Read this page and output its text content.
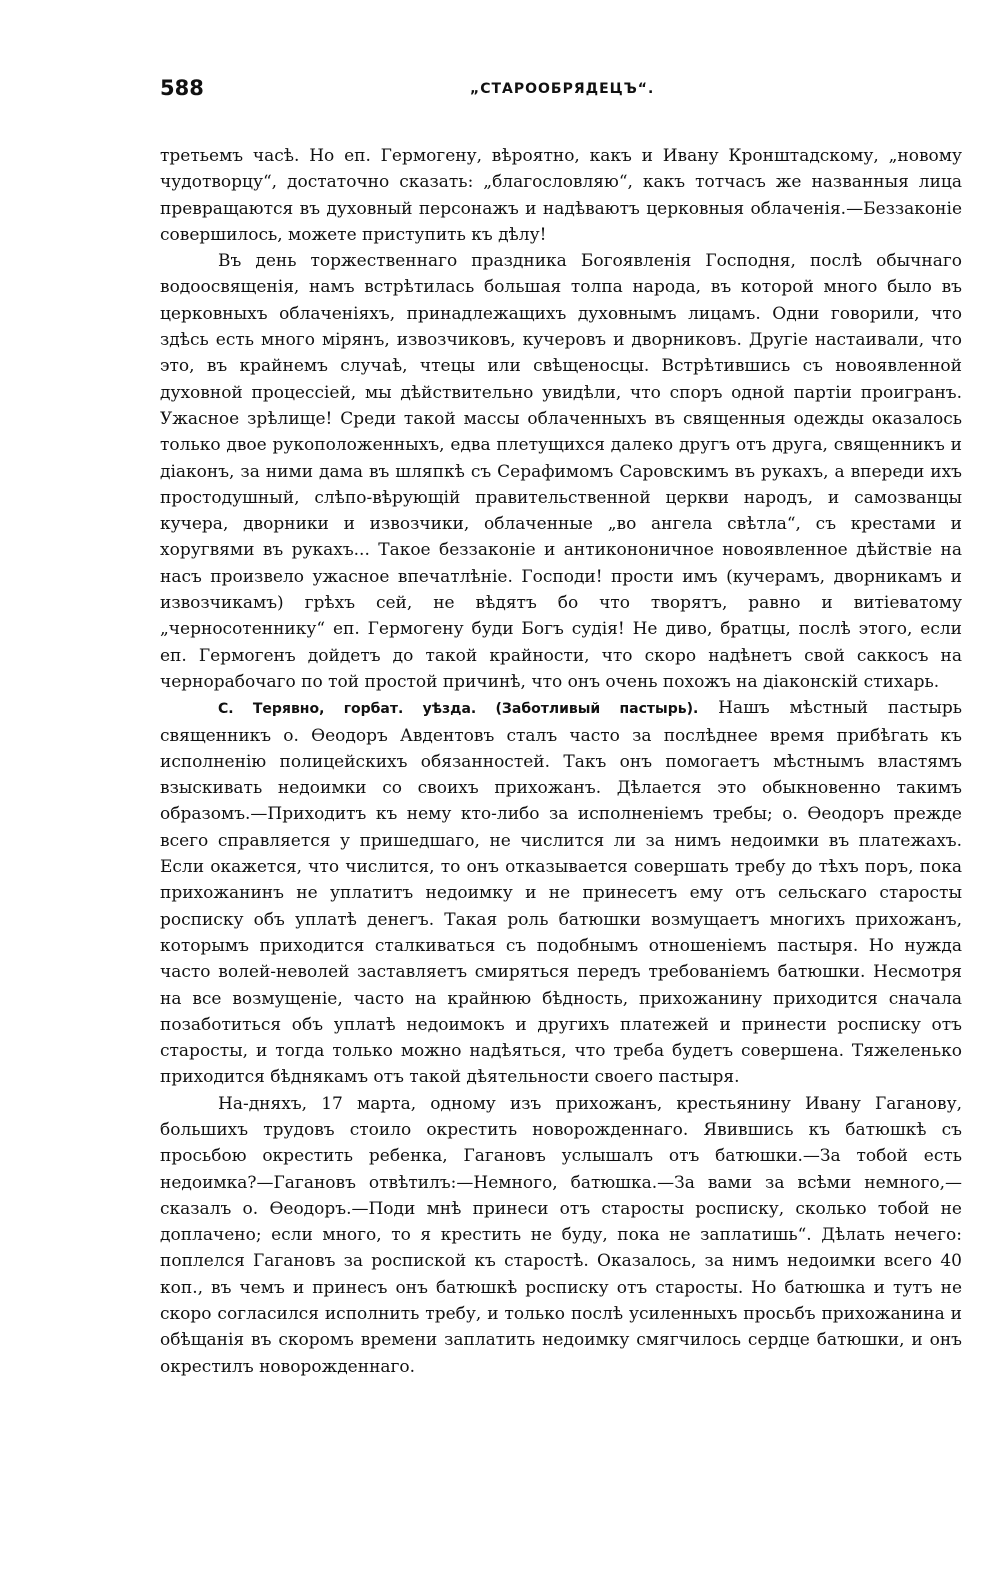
588	„СТАРООБРЯДЕЦЪ“.

третьемъ часѣ. Но еп. Гермогену, вѣроятно, какъ и Ивану Кронштадскому, „новому чудотворцу“, достаточно сказать: „благословляю“, какъ тотчасъ же названныя лица превращаются въ духовный персонажъ и надѣваютъ церковныя облаченія.—Беззаконіе совершилось, можете приступить къ дѣлу!

Въ день торжественнаго праздника Богоявленія Господня, послѣ обычнаго водоосвященія, намъ встрѣтилась большая толпа народа, въ которой много было въ церковныхъ облаченіяхъ, принадлежащихъ духовнымъ лицамъ. Одни говорили, что здѣсь есть много мірянъ, извозчиковъ, кучеровъ и дворниковъ. Другіе настаивали, что это, въ крайнемъ случаѣ, чтецы или свѣщеносцы. Встрѣтившись съ новоявленной духовной процессіей, мы дѣйствительно увидѣли, что споръ одной партіи проигранъ. Ужасное зрѣлище! Среди такой массы облаченныхъ въ священныя одежды оказалось только двое рукоположенныхъ, едва плетущихся далеко другъ отъ друга, священникъ и діаконъ, за ними дама въ шляпкѣ съ Серафимомъ Саровскимъ въ рукахъ, а впереди ихъ простодушный, слѣпо-вѣрующій правительственной церкви народъ, и самозванцы кучера, дворники и извозчики, облаченные „во ангела свѣтла“, съ крестами и хоругвями въ рукахъ... Такое беззаконіе и антикононичное новоявленное дѣйствіе на насъ произвело ужасное впечатлѣніе. Господи! прости имъ (кучерамъ, дворникамъ и извозчикамъ) грѣхъ сей, не вѣдятъ бо что творятъ, равно и витіеватому „черносотеннику“ еп. Гермогену буди Богъ судія! Не диво, братцы, послѣ этого, если еп. Гермогенъ дойдетъ до такой крайности, что скоро надѣнетъ свой саккосъ на чернорабочаго по той простой причинѣ, что онъ очень похожъ на діаконскій стихарь.

С. Терявно, горбат. уѣзда. (Заботливый пастырь). Нашъ мѣстный пастырь священникъ о. Ѳеодоръ Авдентовъ сталъ часто за послѣднее время прибѣгать къ исполненію полицейскихъ обязанностей. Такъ онъ помогаетъ мѣстнымъ властямъ взыскивать недоимки со своихъ прихожанъ. Дѣлается это обыкновенно такимъ образомъ.—Приходитъ къ нему кто-либо за исполненіемъ требы; о. Ѳеодоръ прежде всего справляется у пришедшаго, не числится ли за нимъ недоимки въ платежахъ. Если окажется, что числится, то онъ отказывается совершать требу до тѣхъ поръ, пока прихожанинъ не уплатитъ недоимку и не принесетъ ему отъ сельскаго старосты росписку объ уплатѣ денегъ. Такая роль батюшки возмущаетъ многихъ прихожанъ, которымъ приходится сталкиваться съ подобнымъ отношеніемъ пастыря. Но нужда часто волей-неволей заставляетъ смиряться передъ требованіемъ батюшки. Несмотря на все возмущеніе, часто на крайнюю бѣдность, прихожанину приходится сначала позаботиться объ уплатѣ недоимокъ и другихъ платежей и принести росписку отъ старосты, и тогда только можно надѣяться, что треба будетъ совершена. Тяжеленько приходится бѣднякамъ отъ такой дѣятельности своего пастыря.

На-дняхъ, 17 марта, одному изъ прихожанъ, крестьянину Ивану Гаганову, большихъ трудовъ стоило окрестить новорожденнаго. Явившись къ батюшкѣ съ просьбою окрестить ребенка, Гагановъ услышалъ отъ батюшки.—За тобой есть недоимка?—Гагановъ отвѣтилъ:—Немного, батюшка.—За вами за всѣми немного,—сказалъ о. Ѳеодоръ.—Поди мнѣ принеси отъ старосты росписку, сколько тобой не доплачено; если много, то я крестить не буду, пока не заплатишь“. Дѣлать нечего: поплелся Гагановъ за роспиской къ старостѣ. Оказалось, за нимъ недоимки всего 40 коп., въ чемъ и принесъ онъ батюшкѣ росписку отъ старосты. Но батюшка и тутъ не скоро согласился исполнить требу, и только послѣ усиленныхъ просьбъ прихожанина и обѣщанія въ скоромъ времени заплатить недоимку смягчилось сердце батюшки, и онъ окрестилъ новорожденнаго.
